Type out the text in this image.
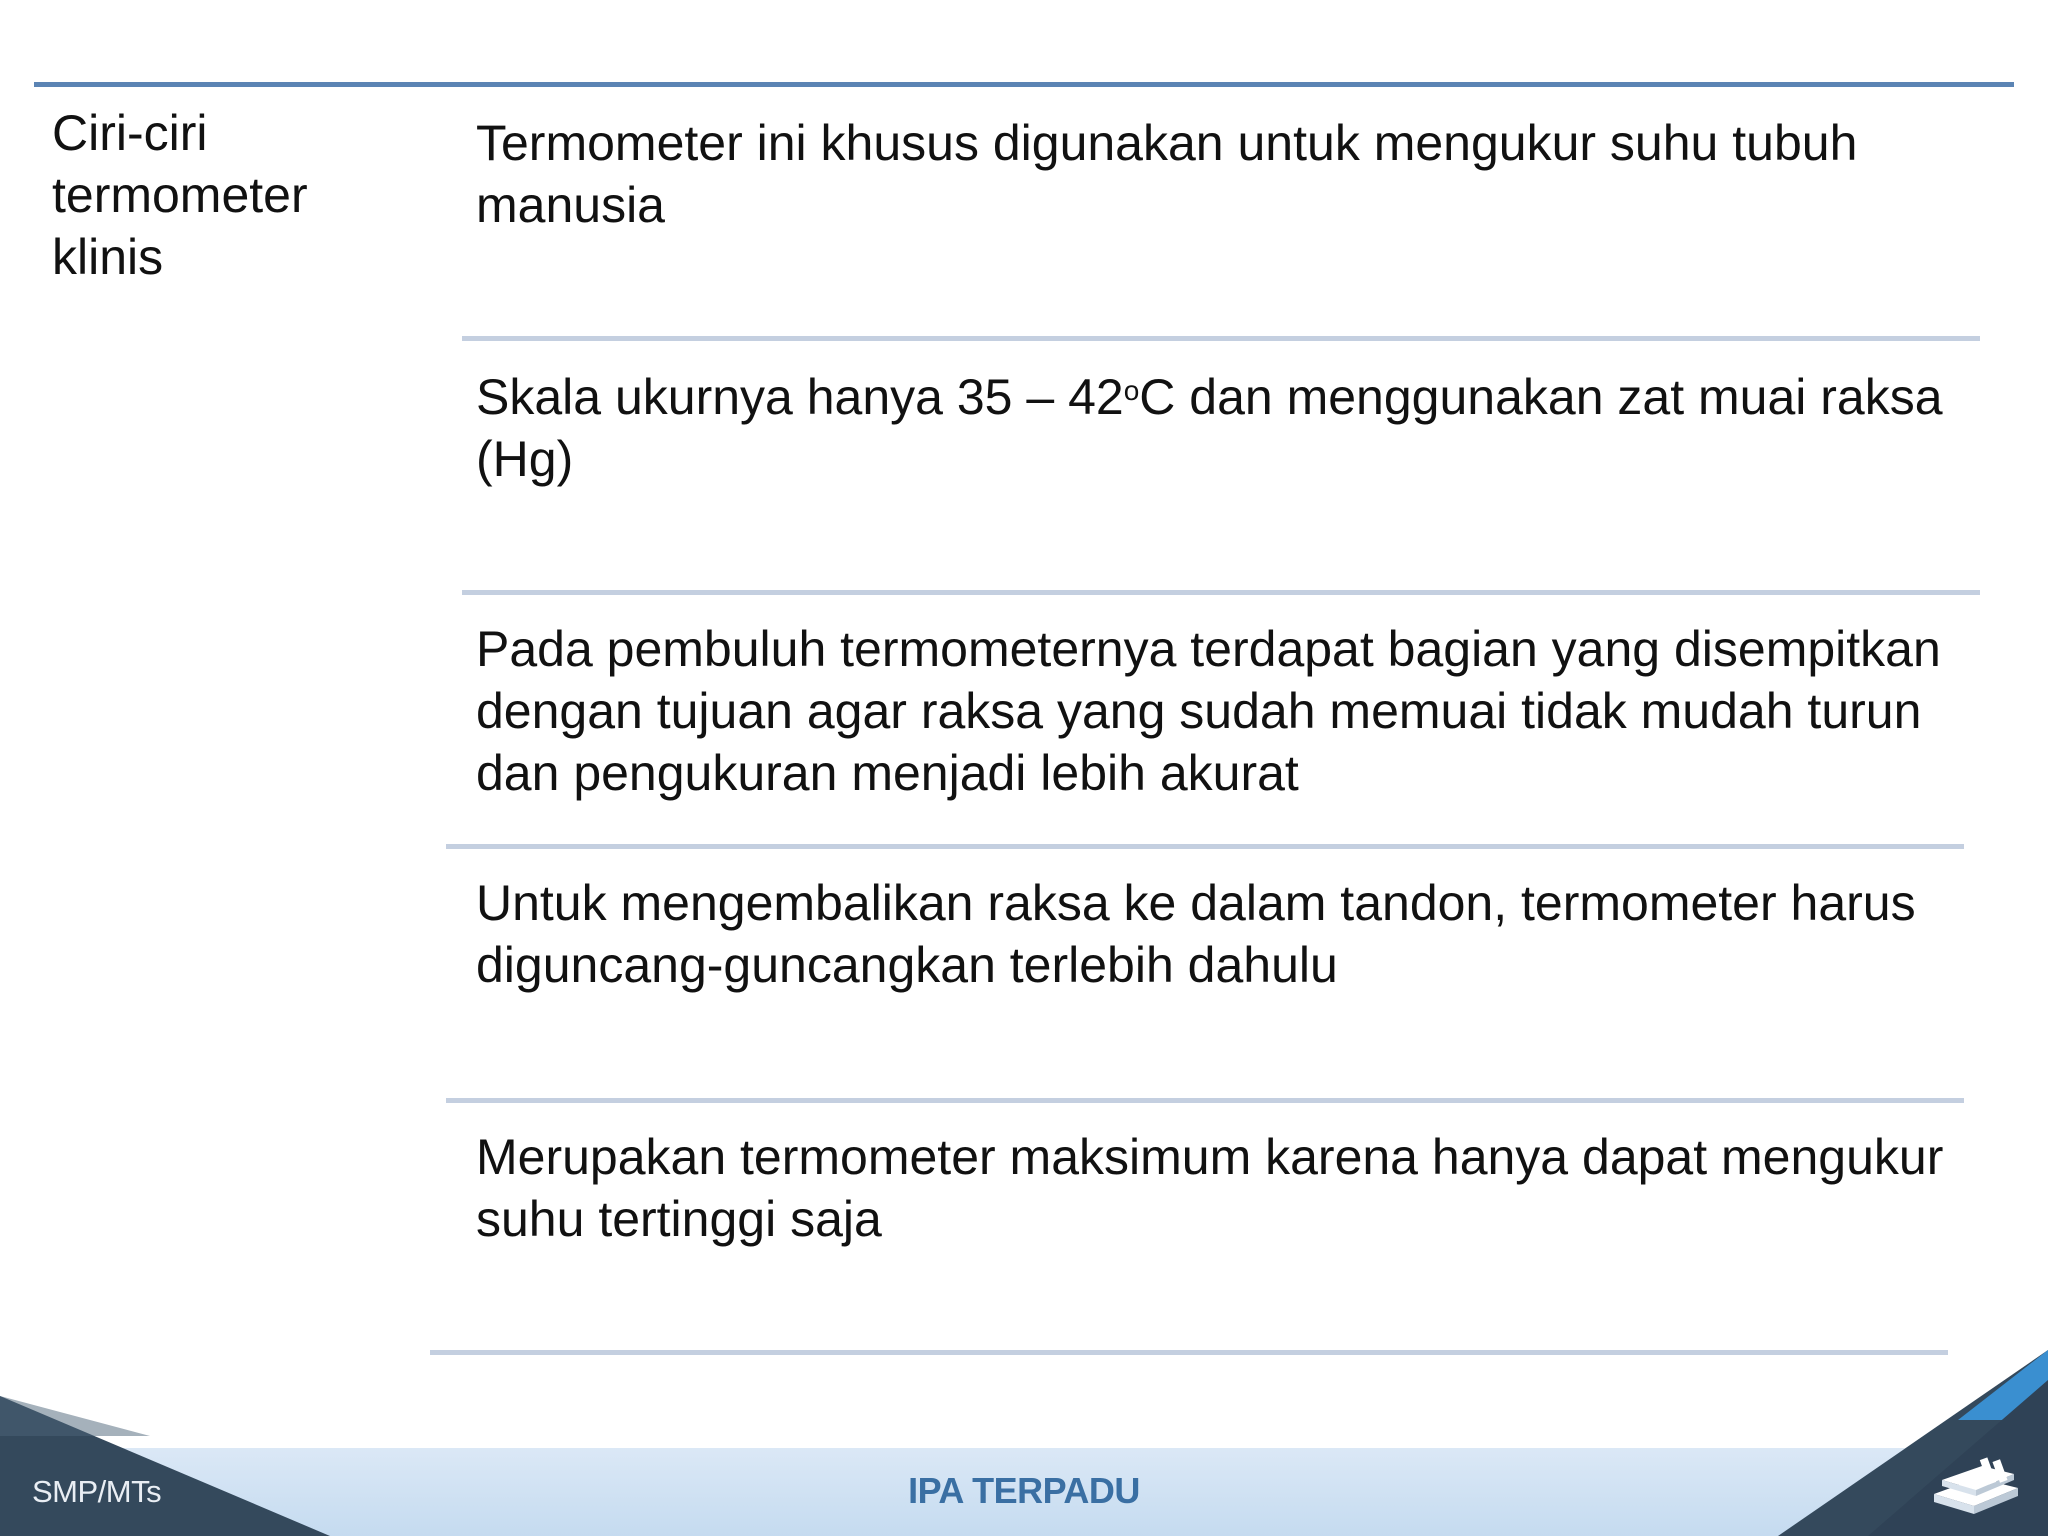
Ciri-ciri termometer klinis
Termometer ini khusus digunakan untuk mengukur suhu tubuh manusia
Skala ukurnya hanya 35 – 42$^o$C dan menggunakan zat muai raksa (Hg)
Pada pembuluh termometernya terdapat bagian yang disempitkan dengan tujuan agar raksa yang sudah memuai tidak mudah turun dan pengukuran menjadi lebih akurat
Untuk mengembalikan raksa ke dalam tandon, termometer harus diguncang-guncangkan terlebih dahulu
Merupakan termometer maksimum karena hanya dapat mengukur suhu tertinggi saja
SMP/MTs	IPA TERPADU
